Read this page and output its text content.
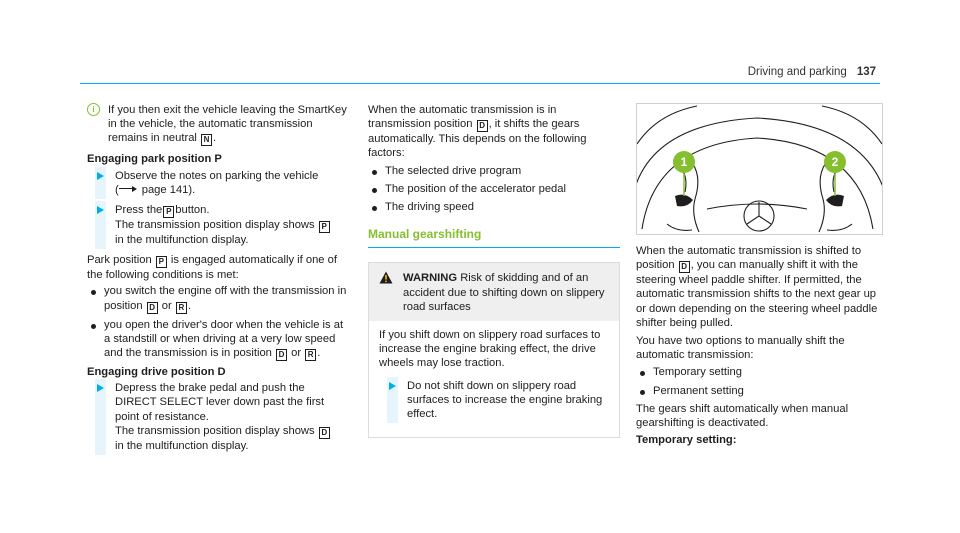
Driving and parking 137

i	If you then exit the vehicle leaving the SmartKey in the vehicle, the automatic transmission remains in neutral N .

Engaging park position P

Observe the notes on parking the vehicle
( page 141).

Press the P button.
The transmission position display shows P
in the multifunction display.

Park position P is engaged automatically if one of the following conditions is met:

you switch the engine off with the transmission in position D or R .

you open the driver's door when the vehicle is at a standstill or when driving at a very low speed and the transmission is in position D or R .

Engaging drive position D

Depress the brake pedal and push the DIRECT SELECT lever down past the first point of resistance.
The transmission position display shows D
in the multifunction display.

When the automatic transmission is in transmission position D , it shifts the gears automatically. This depends on the following factors:

The selected drive program

The position of the accelerator pedal

The driving speed

Manual gearshifting

WARNING Risk of skidding and of an accident due to shifting down on slippery road surfaces

If you shift down on slippery road surfaces to increase the engine braking effect, the drive wheels may lose traction.

Do not shift down on slippery road surfaces to increase the engine braking effect.

1	2

When the automatic transmission is shifted to position D , you can manually shift it with the steering wheel paddle shifter. If permitted, the automatic transmission shifts to the next gear up or down depending on the steering wheel paddle shifter being pulled.

You have two options to manually shift the automatic transmission:

Temporary setting

Permanent setting

The gears shift automatically when manual gearshifting is deactivated.

Temporary setting:
